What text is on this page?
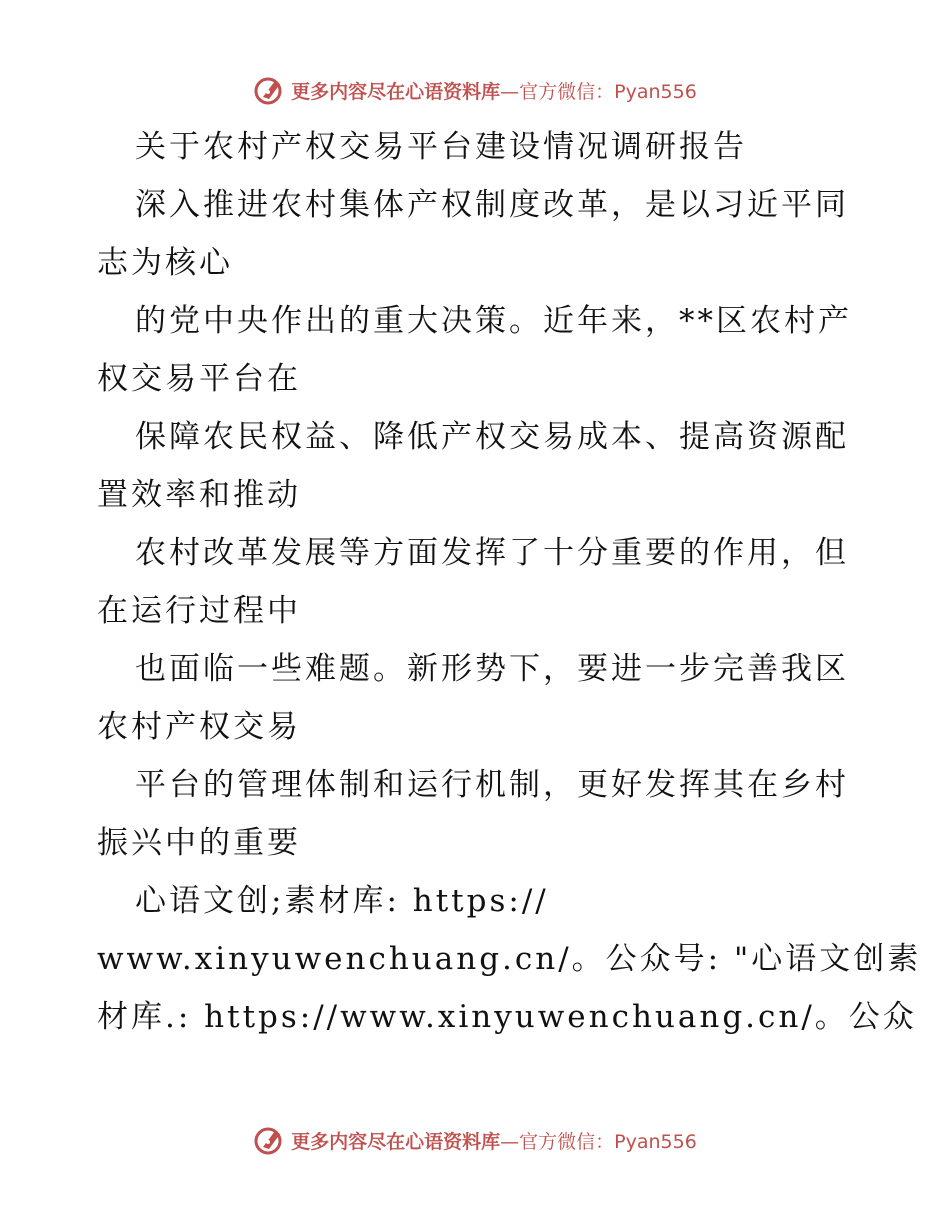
更多内容尽在心语资料库 —官方微信：Pyan556
关于农村产权交易平台建设情况调研报告
深入推进农村集体产权制度改革，是以习近平同
志为核心
的党中央作出的重大决策。近年来，**区农村产
权交易平台在
保障农民权益、降低产权交易成本、提高资源配
置效率和推动
农村改革发展等方面发挥了十分重要的作用，但
在运行过程中
也面临一些难题。新形势下，要进一步完善我区
农村产权交易
平台的管理体制和运行机制，更好发挥其在乡村
振兴中的重要
心语文创;素材库: https://
www.xinyuwenchuang.cn/。公众号: "心语文创素
材库.: https://www.xinyuwenchuang.cn/。公众
更多内容尽在心语资料库 —官方微信：Pyan556
